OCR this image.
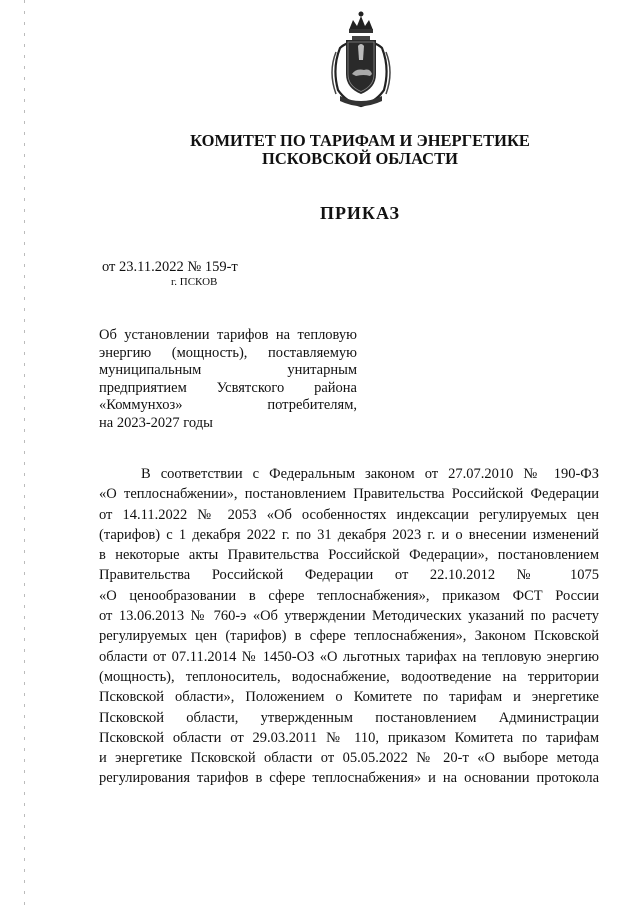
КОМИТЕТ ПО ТАРИФАМ И ЭНЕРГЕТИКЕ
ПСКОВСКОЙ ОБЛАСТИ
ПРИКАЗ
от 23.11.2022 № 159-т
г. ПСКОВ
Об установлении тарифов на тепловую
энергию (мощность), поставляемую
муниципальным унитарным
предприятием Усвятского района
«Коммунхоз» потребителям,
на 2023-2027 годы
В соответствии с Федеральным законом от 27.07.2010 № 190-ФЗ
«О теплоснабжении», постановлением Правительства Российской Федерации
от 14.11.2022 № 2053 «Об особенностях индексации регулируемых цен
(тарифов) с 1 декабря 2022 г. по 31 декабря 2023 г. и о внесении изменений
в некоторые акты Правительства Российской Федерации», постановлением
Правительства Российской Федерации от 22.10.2012 № 1075
«О ценообразовании в сфере теплоснабжения», приказом ФСТ России
от 13.06.2013 № 760-э «Об утверждении Методических указаний по расчету
регулируемых цен (тарифов) в сфере теплоснабжения», Законом Псковской
области от 07.11.2014 № 1450-ОЗ «О льготных тарифах на тепловую энергию
(мощность), теплоноситель, водоснабжение, водоотведение на территории
Псковской области», Положением о Комитете по тарифам и энергетике
Псковской области, утвержденным постановлением Администрации
Псковской области от 29.03.2011 № 110, приказом Комитета по тарифам
и энергетике Псковской области от 05.05.2022 № 20-т «О выборе метода
регулирования тарифов в сфере теплоснабжения» и на основании протокола
